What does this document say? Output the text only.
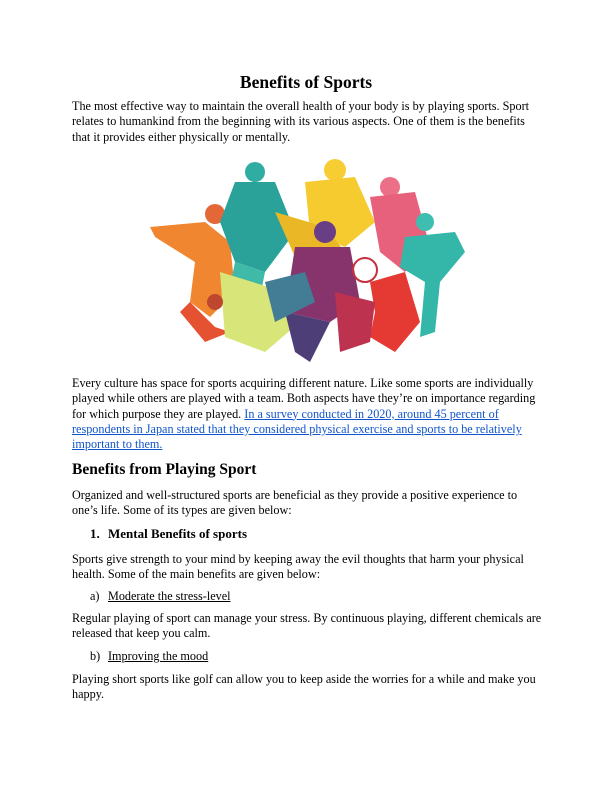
Benefits of Sports
The most effective way to maintain the overall health of your body is by playing sports. Sport relates to humankind from the beginning with its various aspects. One of them is the benefits that it provides either physically or mentally.
Every culture has space for sports acquiring different nature. Like some sports are individually played while others are played with a team. Both aspects have they’re on importance regarding for which purpose they are played. In a survey conducted in 2020, around 45 percent of respondents in Japan stated that they considered physical exercise and sports to be relatively important to them.
Benefits from Playing Sport
Organized and well-structured sports are beneficial as they provide a positive experience to one’s life. Some of its types are given below:
1. Mental Benefits of sports
Sports give strength to your mind by keeping away the evil thoughts that harm your physical health. Some of the main benefits are given below:
a) Moderate the stress-level
Regular playing of sport can manage your stress. By continuous playing, different chemicals are released that keep you calm.
b) Improving the mood
Playing short sports like golf can allow you to keep aside the worries for a while and make you happy.
